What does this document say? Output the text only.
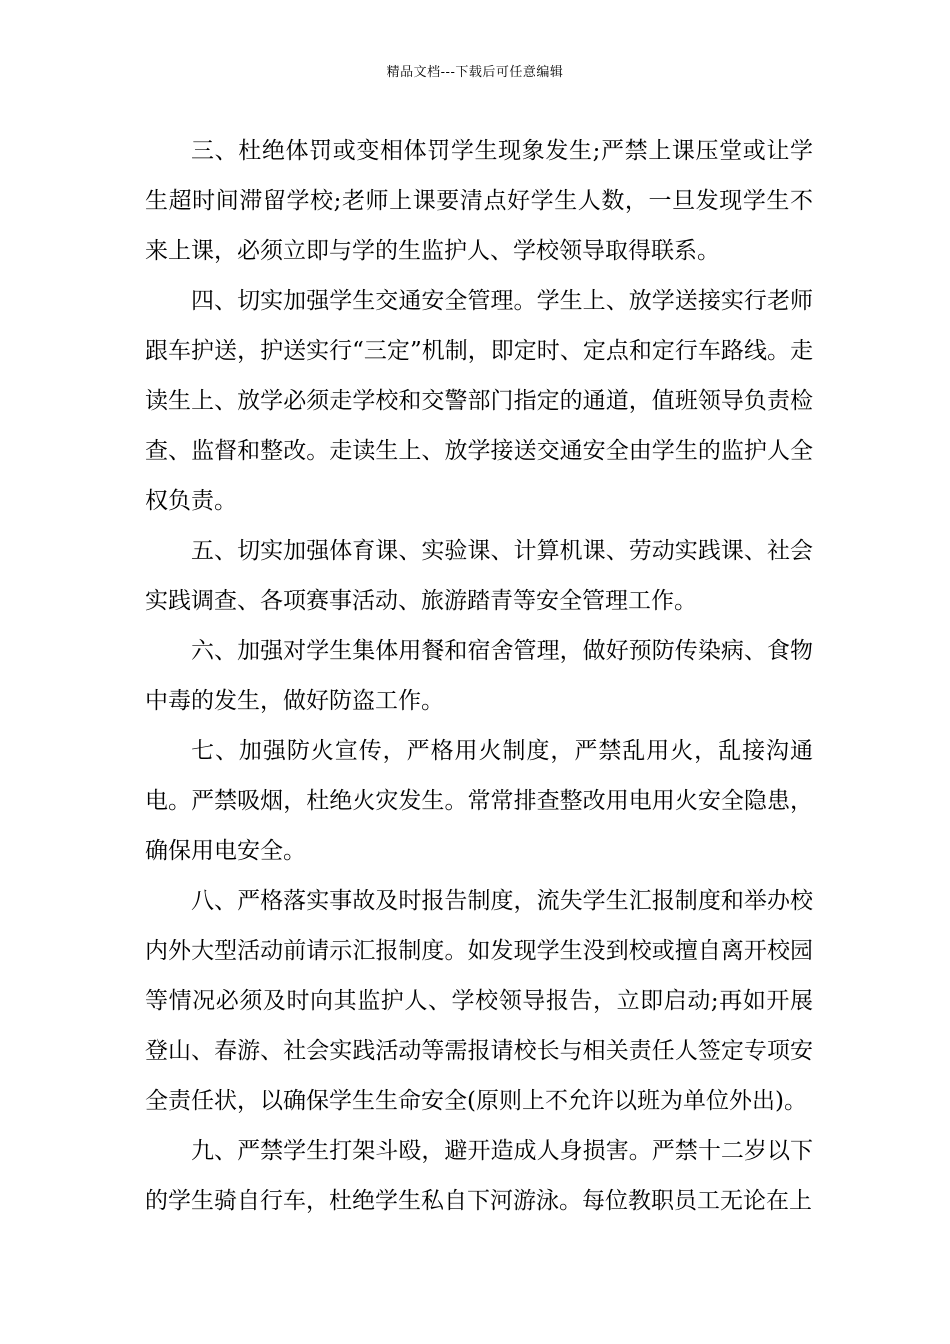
精品文档---下载后可任意编辑

三、杜绝体罚或变相体罚学生现象发生;严禁上课压堂或让学生超时间滞留学校;老师上课要清点好学生人数，一旦发现学生不来上课，必须立即与学的生监护人、学校领导取得联系。

四、切实加强学生交通安全管理。学生上、放学送接实行老师跟车护送，护送实行“三定”机制，即定时、定点和定行车路线。走读生上、放学必须走学校和交警部门指定的通道，值班领导负责检查、监督和整改。走读生上、放学接送交通安全由学生的监护人全权负责。

五、切实加强体育课、实验课、计算机课、劳动实践课、社会实践调查、各项赛事活动、旅游踏青等安全管理工作。

六、加强对学生集体用餐和宿舍管理，做好预防传染病、食物中毒的发生，做好防盗工作。

七、加强防火宣传，严格用火制度，严禁乱用火，乱接沟通电。严禁吸烟，杜绝火灾发生。常常排查整改用电用火安全隐患，确保用电安全。

八、严格落实事故及时报告制度，流失学生汇报制度和举办校内外大型活动前请示汇报制度。如发现学生没到校或擅自离开校园等情况必须及时向其监护人、学校领导报告，立即启动;再如开展登山、春游、社会实践活动等需报请校长与相关责任人签定专项安全责任状，以确保学生生命安全(原则上不允许以班为单位外出)。

九、严禁学生打架斗殴，避开造成人身损害。严禁十二岁以下的学生骑自行车，杜绝学生私自下河游泳。每位教职员工无论在上
